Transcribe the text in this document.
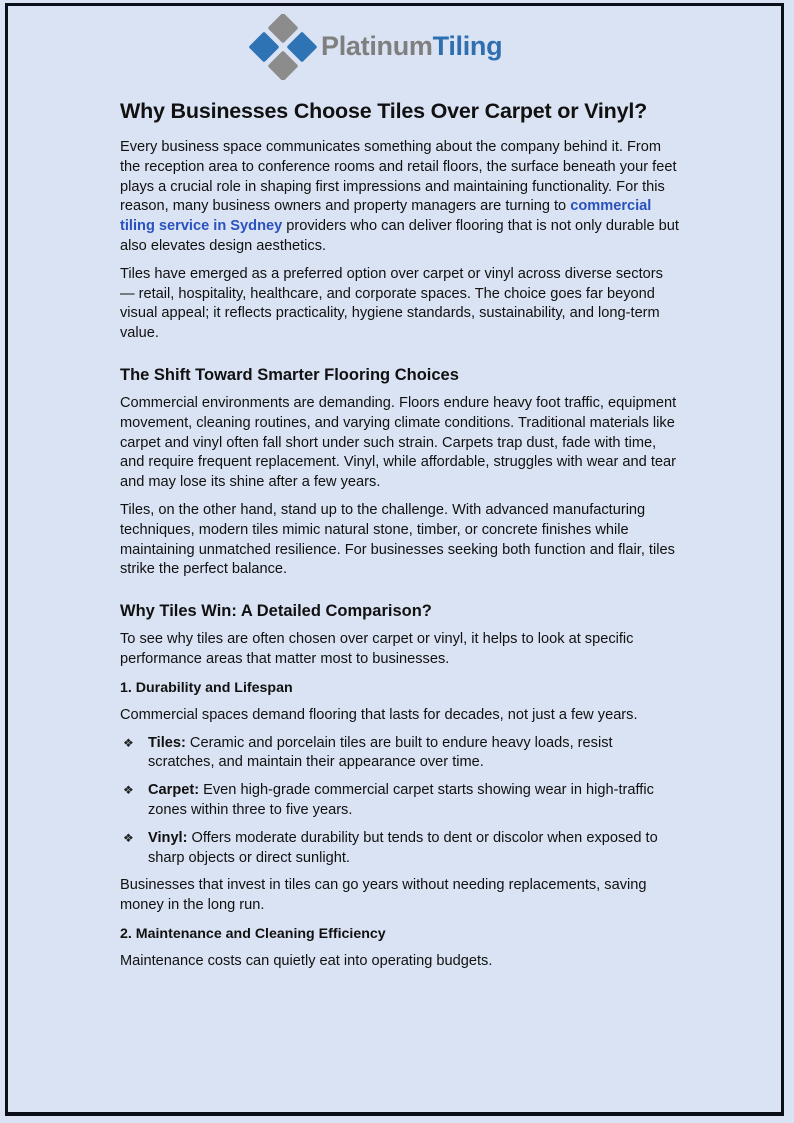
PlatinumTiling
Why Businesses Choose Tiles Over Carpet or Vinyl?

Every business space communicates something about the company behind it. From the reception area to conference rooms and retail floors, the surface beneath your feet plays a crucial role in shaping first impressions and maintaining functionality. For this reason, many business owners and property managers are turning to commercial tiling service in Sydney providers who can deliver flooring that is not only durable but also elevates design aesthetics.

Tiles have emerged as a preferred option over carpet or vinyl across diverse sectors — retail, hospitality, healthcare, and corporate spaces. The choice goes far beyond visual appeal; it reflects practicality, hygiene standards, sustainability, and long-term value.

The Shift Toward Smarter Flooring Choices

Commercial environments are demanding. Floors endure heavy foot traffic, equipment movement, cleaning routines, and varying climate conditions. Traditional materials like carpet and vinyl often fall short under such strain. Carpets trap dust, fade with time, and require frequent replacement. Vinyl, while affordable, struggles with wear and tear and may lose its shine after a few years.

Tiles, on the other hand, stand up to the challenge. With advanced manufacturing techniques, modern tiles mimic natural stone, timber, or concrete finishes while maintaining unmatched resilience. For businesses seeking both function and flair, tiles strike the perfect balance.

Why Tiles Win: A Detailed Comparison?

To see why tiles are often chosen over carpet or vinyl, it helps to look at specific performance areas that matter most to businesses.

1. Durability and Lifespan

Commercial spaces demand flooring that lasts for decades, not just a few years.

❖ Tiles: Ceramic and porcelain tiles are built to endure heavy loads, resist scratches, and maintain their appearance over time.
❖ Carpet: Even high-grade commercial carpet starts showing wear in high-traffic zones within three to five years.
❖ Vinyl: Offers moderate durability but tends to dent or discolor when exposed to sharp objects or direct sunlight.

Businesses that invest in tiles can go years without needing replacements, saving money in the long run.

2. Maintenance and Cleaning Efficiency

Maintenance costs can quietly eat into operating budgets.
